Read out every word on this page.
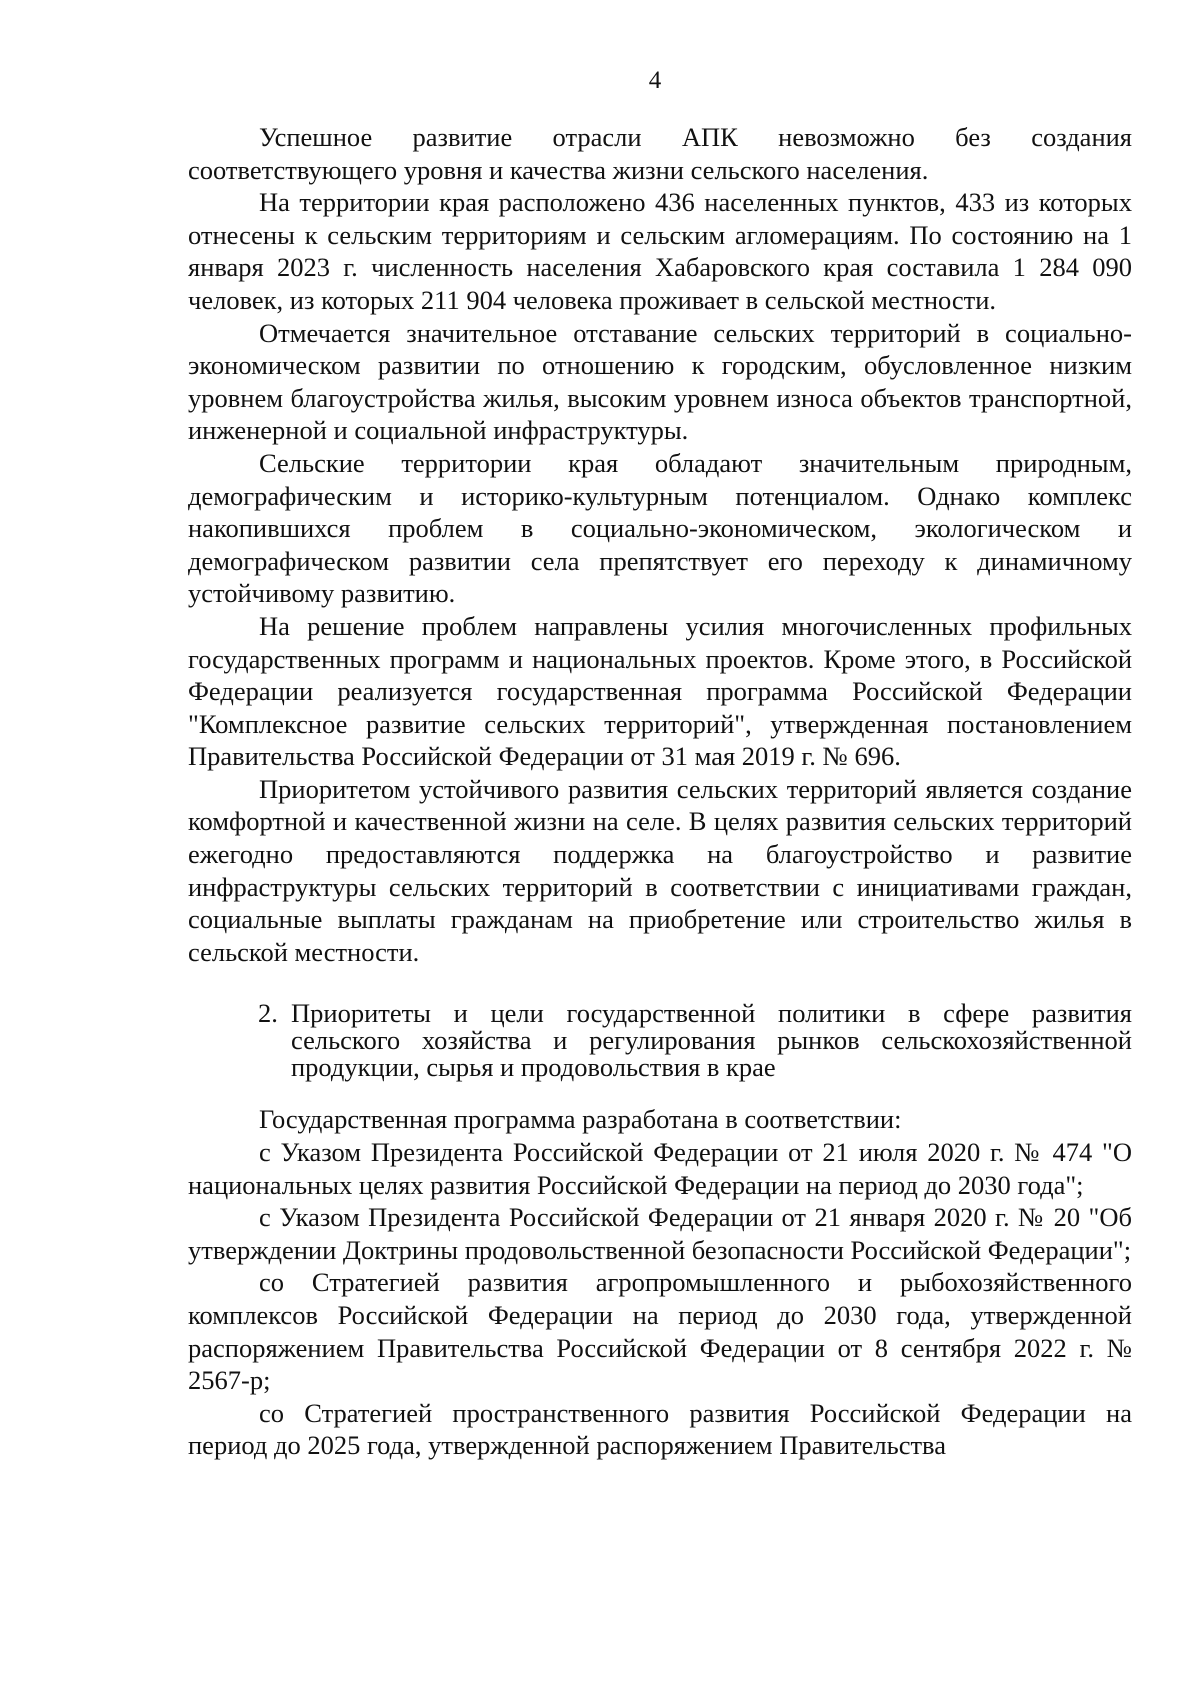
4

Успешное развитие отрасли АПК невозможно без создания соответствующего уровня и качества жизни сельского населения.

На территории края расположено 436 населенных пунктов, 433 из которых отнесены к сельским территориям и сельским агломерациям. По состоянию на 1 января 2023 г. численность населения Хабаровского края составила 1 284 090 человек, из которых 211 904 человека проживает в сельской местности.

Отмечается значительное отставание сельских территорий в социально-экономическом развитии по отношению к городским, обусловленное низким уровнем благоустройства жилья, высоким уровнем износа объектов транспортной, инженерной и социальной инфраструктуры.

Сельские территории края обладают значительным природным, демографическим и историко-культурным потенциалом. Однако комплекс накопившихся проблем в социально-экономическом, экологическом и демографическом развитии села препятствует его переходу к динамичному устойчивому развитию.

На решение проблем направлены усилия многочисленных профильных государственных программ и национальных проектов. Кроме этого, в Российской Федерации реализуется государственная программа Российской Федерации "Комплексное развитие сельских территорий", утвержденная постановлением Правительства Российской Федерации от 31 мая 2019 г. № 696.

Приоритетом устойчивого развития сельских территорий является создание комфортной и качественной жизни на селе. В целях развития сельских территорий ежегодно предоставляются поддержка на благоустройство и развитие инфраструктуры сельских территорий в соответствии с инициативами граждан, социальные выплаты гражданам на приобретение или строительство жилья в сельской местности.

2. Приоритеты и цели государственной политики в сфере развития сельского хозяйства и регулирования рынков сельскохозяйственной продукции, сырья и продовольствия в крае

Государственная программа разработана в соответствии:

с Указом Президента Российской Федерации от 21 июля 2020 г. № 474 "О национальных целях развития Российской Федерации на период до 2030 года";

с Указом Президента Российской Федерации от 21 января 2020 г. № 20 "Об утверждении Доктрины продовольственной безопасности Российской Федерации";

со Стратегией развития агропромышленного и рыбохозяйственного комплексов Российской Федерации на период до 2030 года, утвержденной распоряжением Правительства Российской Федерации от 8 сентября 2022 г. № 2567-р;

со Стратегией пространственного развития Российской Федерации на период до 2025 года, утвержденной распоряжением Правительства
